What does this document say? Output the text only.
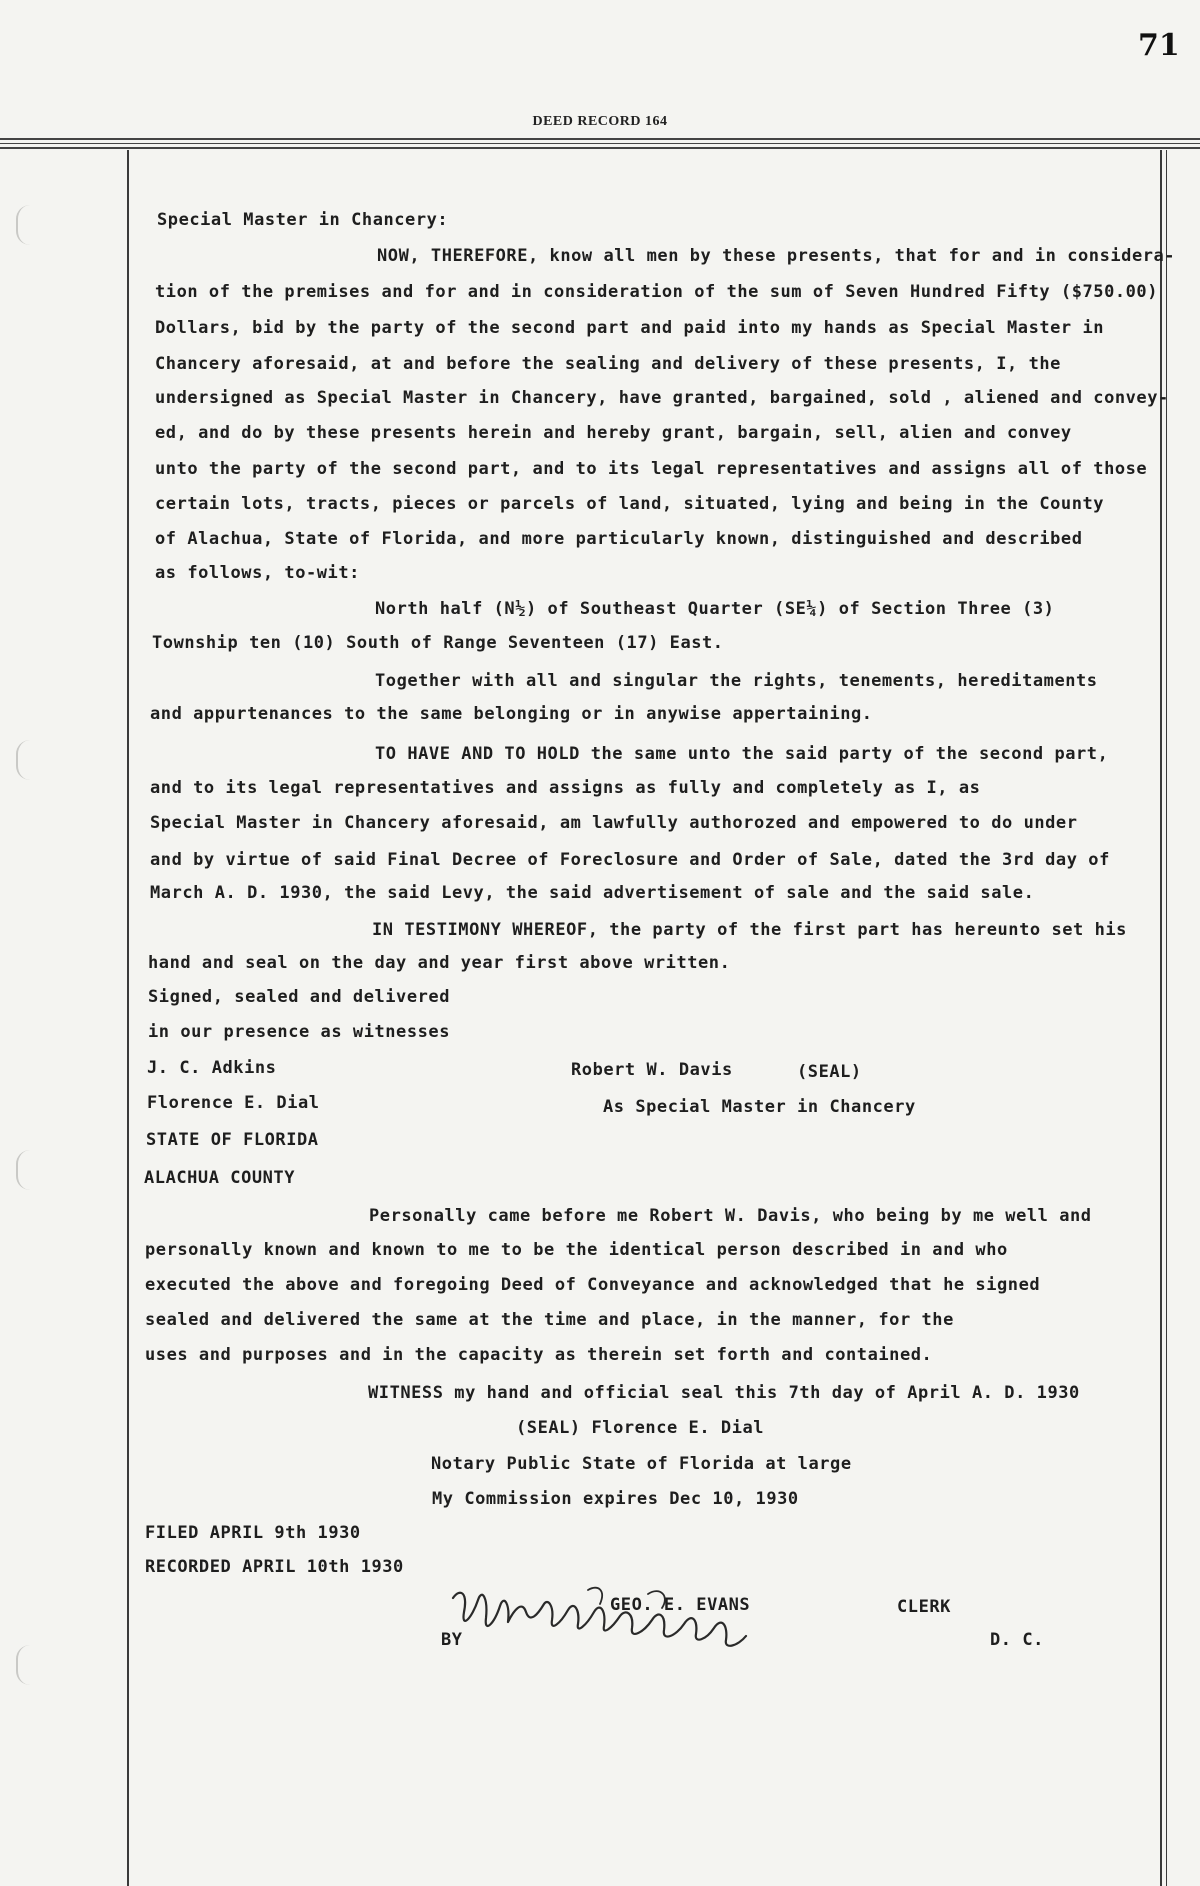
71
DEED RECORD 164
Special Master in Chancery:
NOW, THEREFORE, know all men by these presents, that for and in considera-
tion of the premises and for and in consideration of the sum of Seven Hundred Fifty ($750.00)
Dollars, bid by the party of the second part and paid into my hands as Special Master in
Chancery aforesaid, at and before the sealing and delivery of these presents, I, the
undersigned as Special Master in Chancery, have granted, bargained, sold , aliened and convey-
ed, and do by these presents herein and hereby grant, bargain, sell, alien and convey
unto the party of the second part, and to its legal representatives and assigns all of those
certain lots, tracts, pieces or parcels of land, situated, lying and being in the County
of Alachua, State of Florida, and more particularly known, distinguished and described
as follows, to-wit:
North half (N½) of Southeast Quarter (SE¼) of Section Three (3)
Township ten (10) South of Range Seventeen (17) East.
Together with all and singular the rights, tenements, hereditaments
and appurtenances to the same belonging or in anywise appertaining.
TO HAVE AND TO HOLD the same unto the said party of the second part,
and to its legal representatives and assigns as fully and completely as I, as
Special Master in Chancery aforesaid, am lawfully authorozed and empowered to do under
and by virtue of said Final Decree of Foreclosure and Order of Sale, dated the 3rd day of
March A. D. 1930, the said Levy, the said advertisement of sale and the said sale.
IN TESTIMONY WHEREOF, the party of the first part has hereunto set his
hand and seal on the day and year first above written.
Signed, sealed and delivered
in our presence as witnesses
J. C. Adkins	Robert W. Davis	(SEAL)
Florence E. Dial	As Special Master in Chancery
STATE OF FLORIDA
ALACHUA COUNTY
Personally came before me Robert W. Davis, who being by me well and
personally known and known to me to be the identical person described in and who
executed the above and foregoing Deed of Conveyance and acknowledged that he signed
sealed and delivered the same at the time and place, in the manner, for the
uses and purposes and in the capacity as therein set forth and contained.
WITNESS my hand and official seal this 7th day of April A. D. 1930
(SEAL) Florence E. Dial
Notary Public State of Florida at large
My Commission expires Dec 10, 1930
FILED APRIL 9th 1930
RECORDED APRIL 10th 1930
GEO. E. EVANS	CLERK
BY	D. C.
